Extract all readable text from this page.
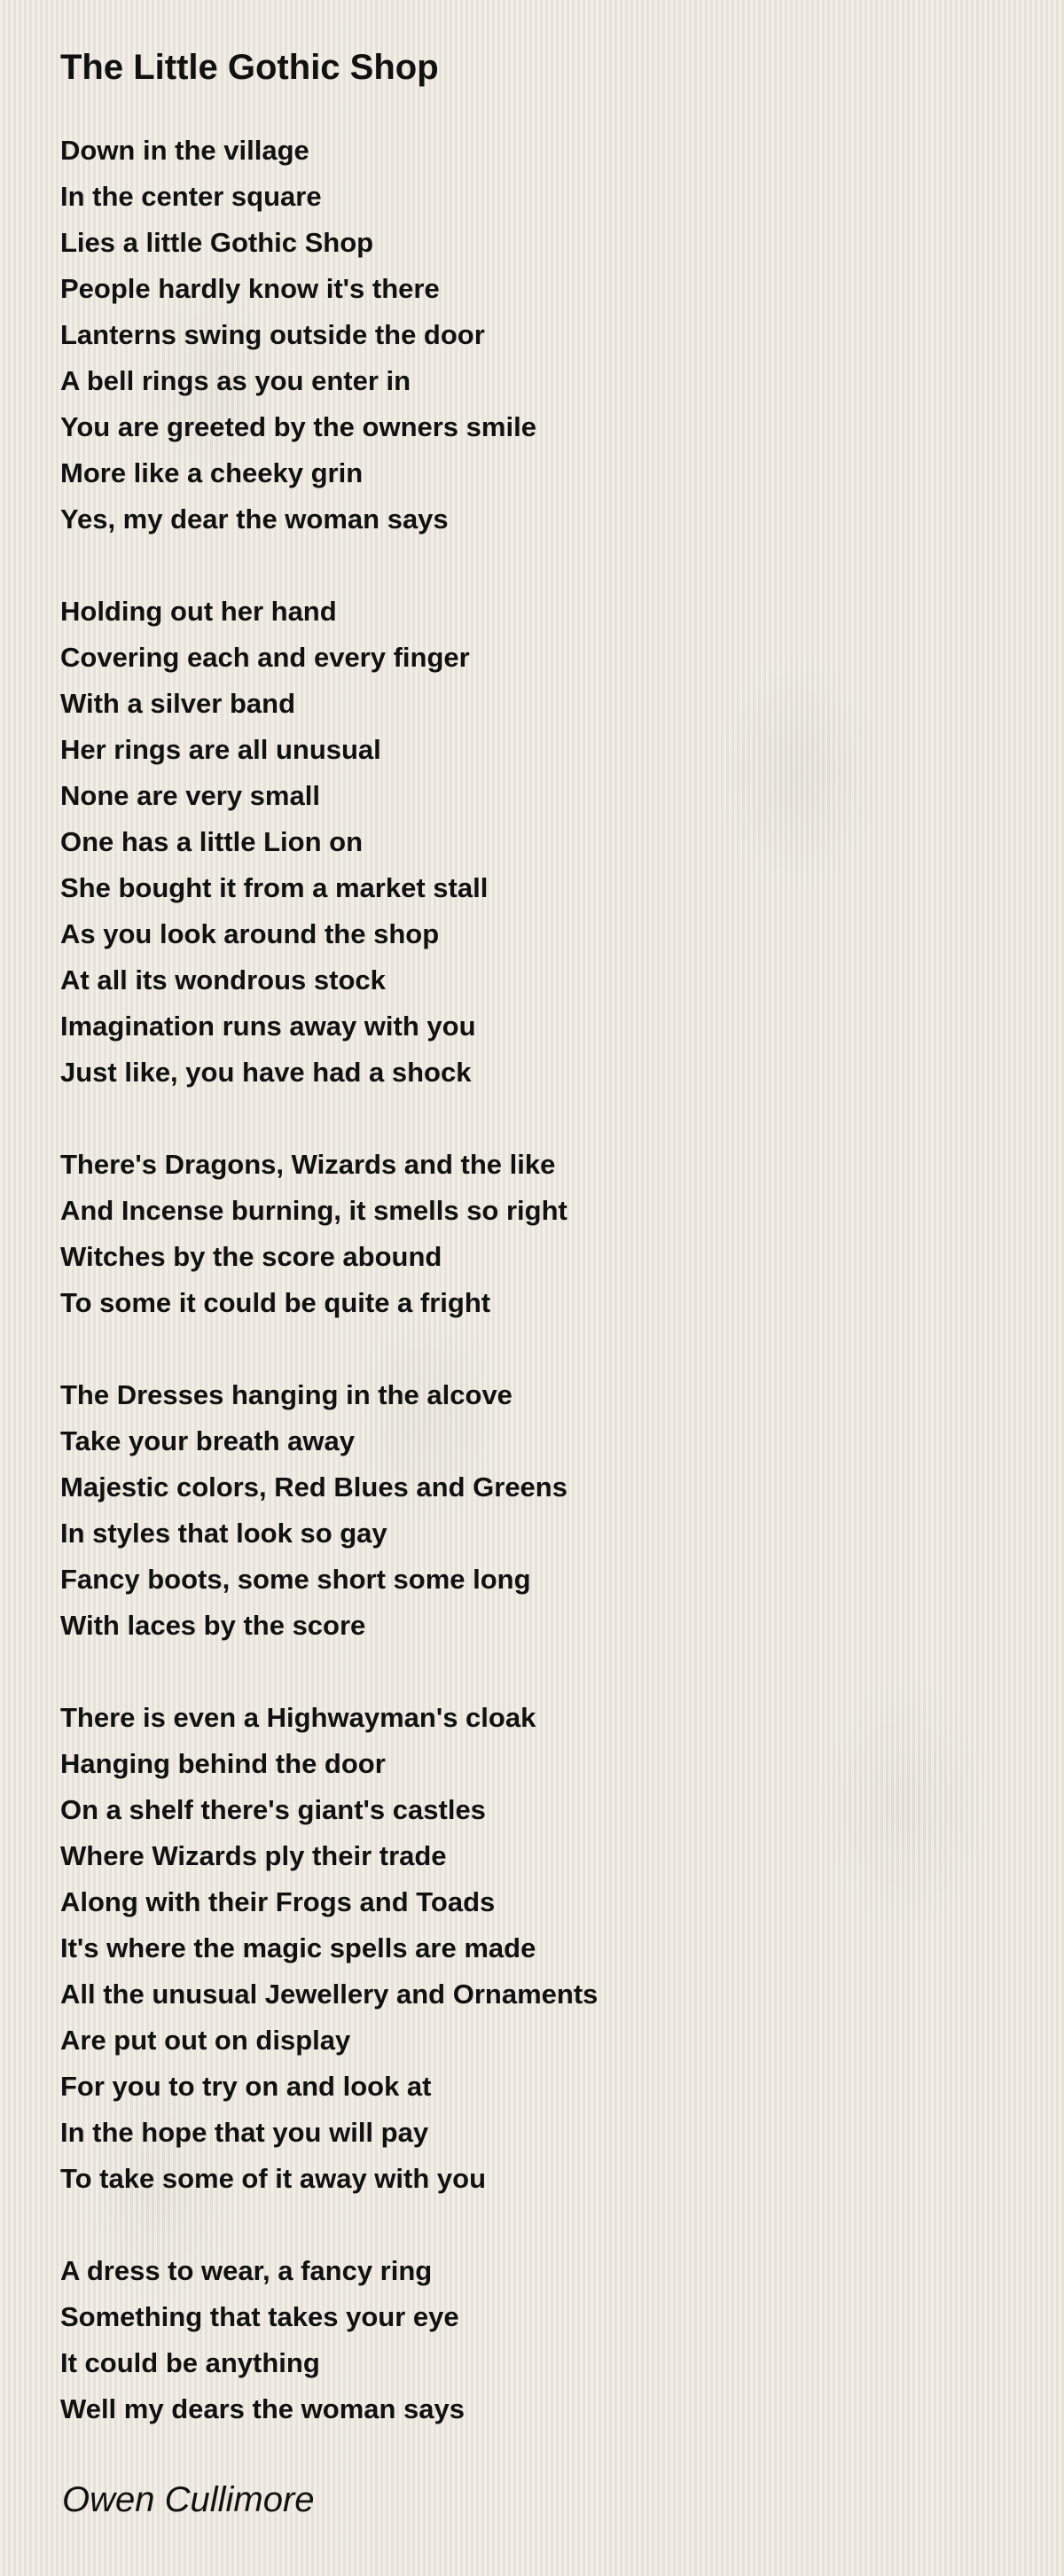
The Little Gothic Shop
Down in the village
In the center square
Lies a little Gothic Shop
People hardly know it's there
Lanterns swing outside the door
A bell rings as you enter in
You are greeted by the owners smile
More like a cheeky grin
Yes, my dear the woman says
Holding out her hand
Covering each and every finger
With a silver band
Her rings are all unusual
None are very small
One has a little Lion on
She bought it from a market stall
As you look around the shop
At all its wondrous stock
Imagination runs away with you
Just like, you have had a shock
There's Dragons, Wizards and the like
And Incense burning, it smells so right
Witches by the score abound
To some it could be quite a fright
The Dresses hanging in the alcove
Take your breath away
Majestic colors, Red Blues and Greens
In styles that look so gay
Fancy boots, some short some long
With laces by the score
There is even a Highwayman's cloak
Hanging behind the door
On a shelf there's giant's castles
Where Wizards ply their trade
Along with their Frogs and Toads
It's where the magic spells are made
All the unusual Jewellery and Ornaments
Are put out on display
For you to try on and look at
In the hope that you will pay
To take some of it away with you
A dress to wear, a fancy ring
Something that takes your eye
It could be anything
Well my dears the woman says

Owen Cullimore
